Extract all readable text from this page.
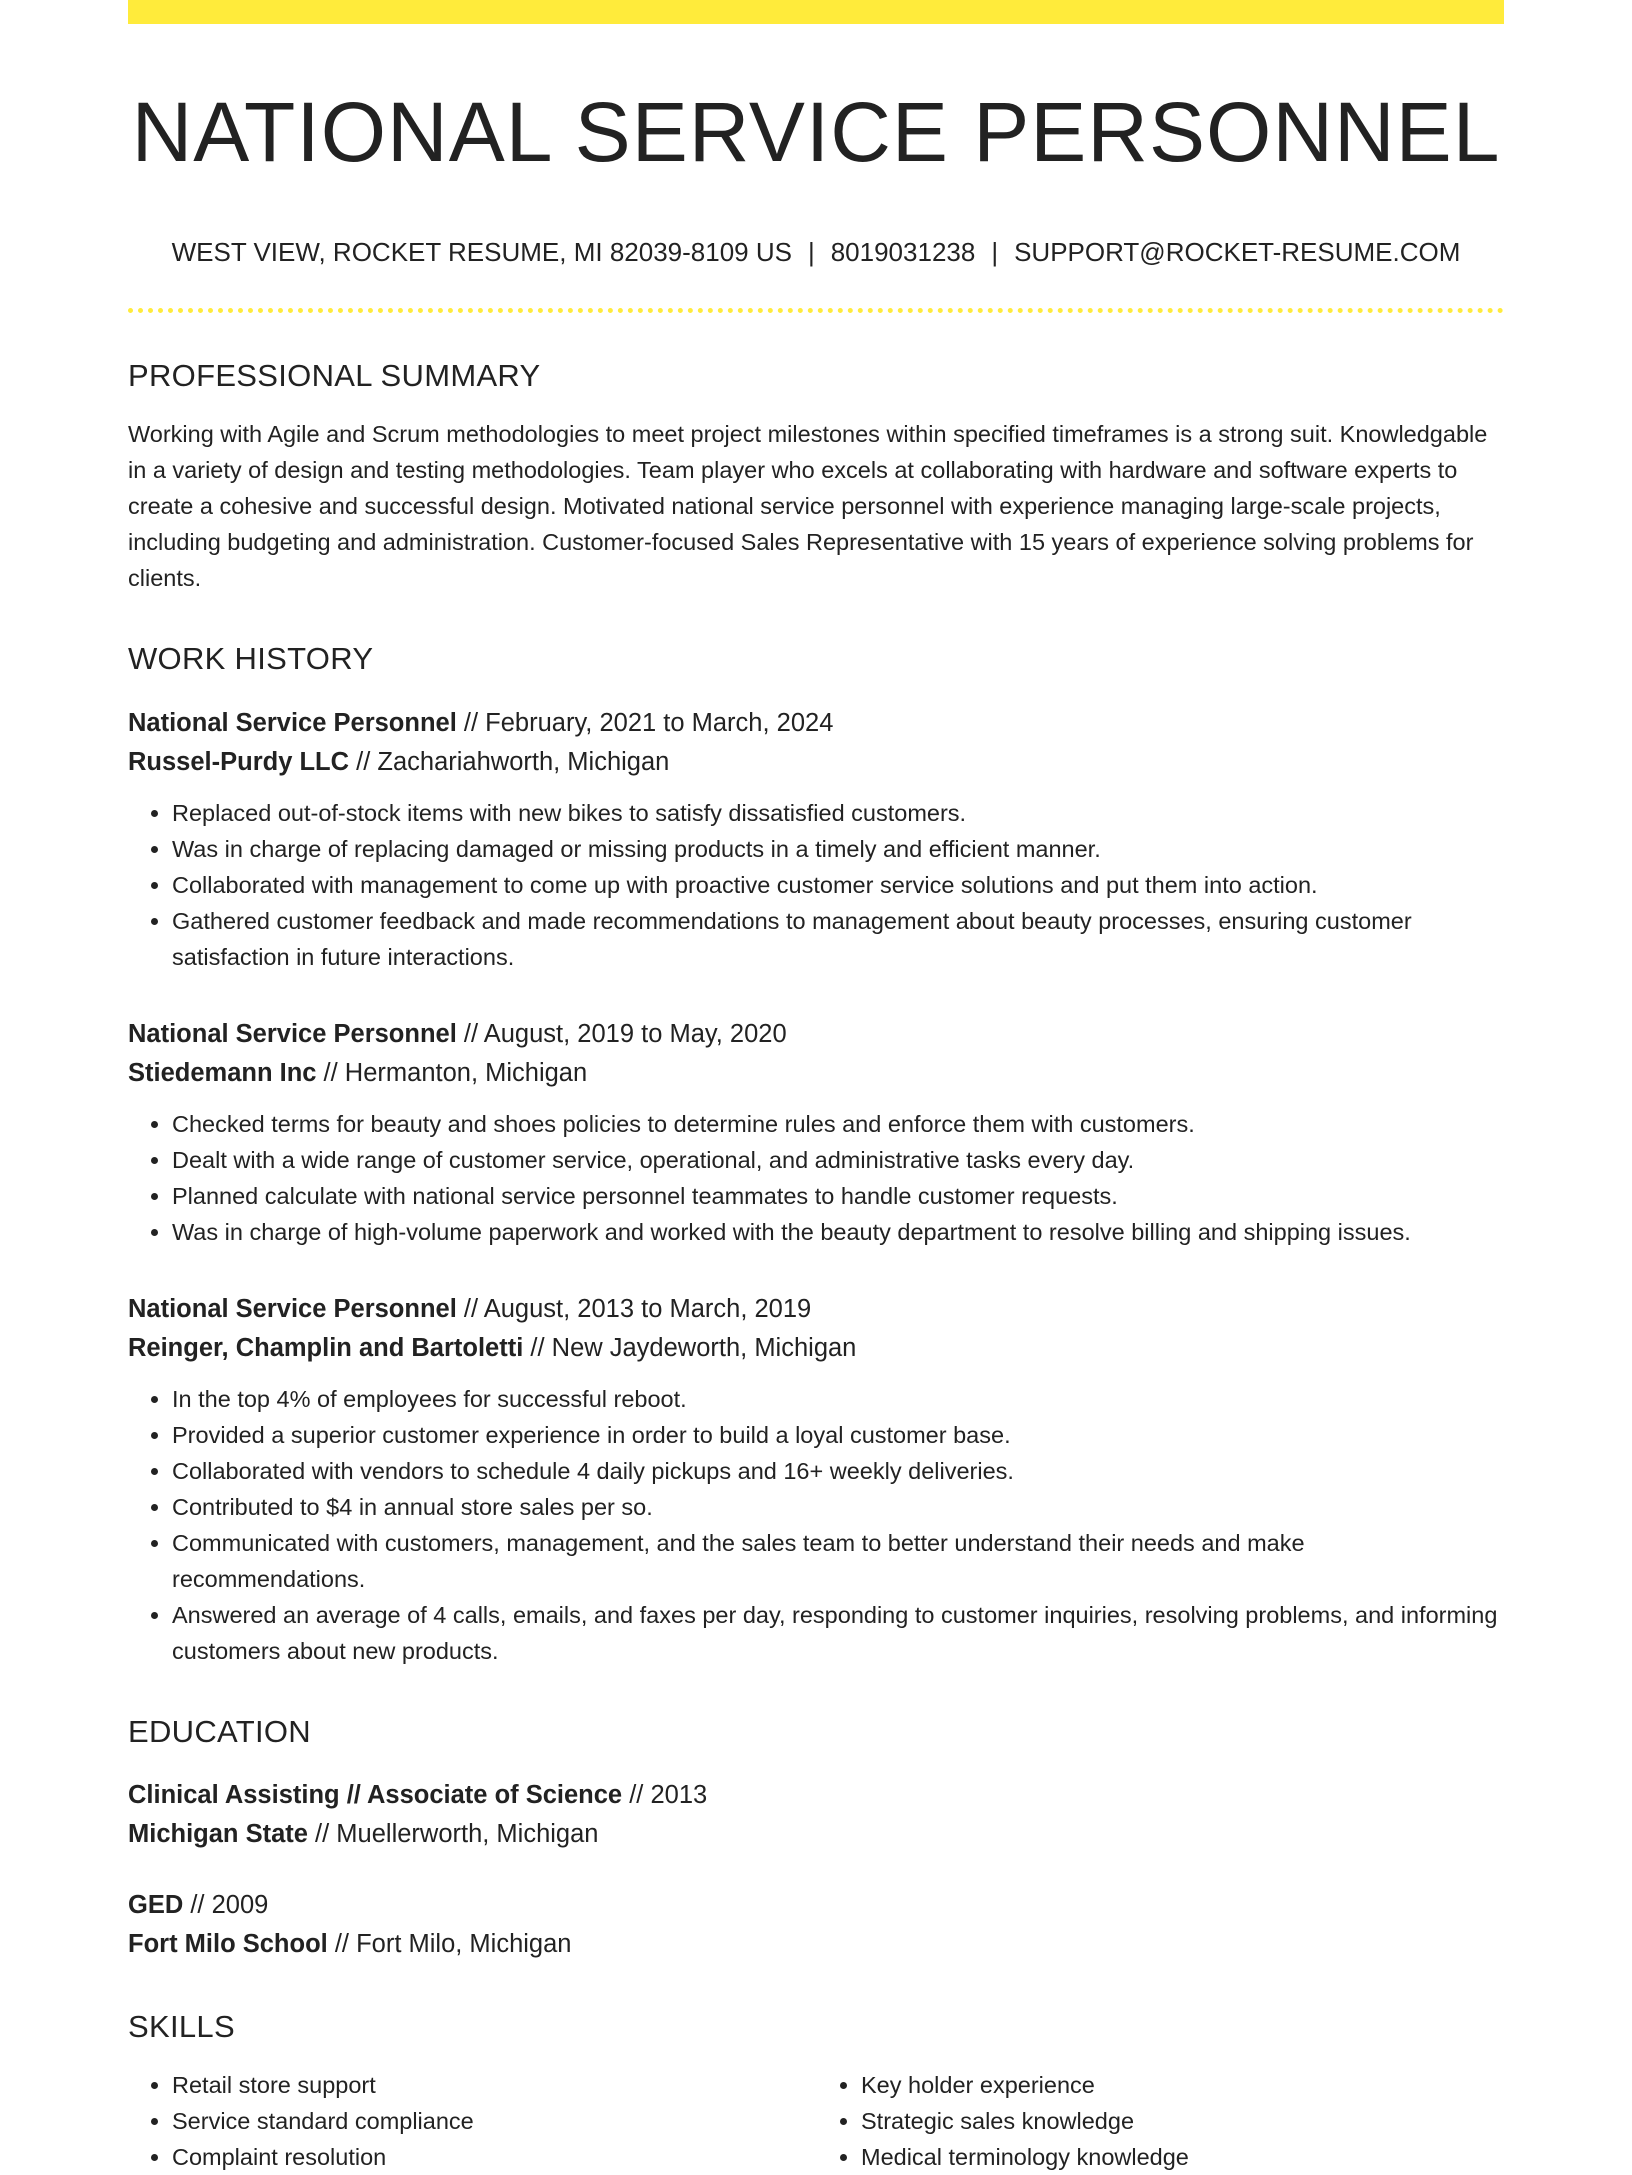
NATIONAL SERVICE PERSONNEL
WEST VIEW, ROCKET RESUME, MI 82039-8109 US | 8019031238 | SUPPORT@ROCKET-RESUME.COM
PROFESSIONAL SUMMARY

Working with Agile and Scrum methodologies to meet project milestones within specified timeframes is a strong suit. Knowledgable in a variety of design and testing methodologies. Team player who excels at collaborating with hardware and software experts to create a cohesive and successful design. Motivated national service personnel with experience managing large-scale projects, including budgeting and administration. Customer-focused Sales Representative with 15 years of experience solving problems for clients.

WORK HISTORY
National Service Personnel // February, 2021 to March, 2024
Russel-Purdy LLC // Zachariahworth, Michigan
• Replaced out-of-stock items with new bikes to satisfy dissatisfied customers.
• Was in charge of replacing damaged or missing products in a timely and efficient manner.
• Collaborated with management to come up with proactive customer service solutions and put them into action.
• Gathered customer feedback and made recommendations to management about beauty processes, ensuring customer satisfaction in future interactions.
National Service Personnel // August, 2019 to May, 2020
Stiedemann Inc // Hermanton, Michigan
• Checked terms for beauty and shoes policies to determine rules and enforce them with customers.
• Dealt with a wide range of customer service, operational, and administrative tasks every day.
• Planned calculate with national service personnel teammates to handle customer requests.
• Was in charge of high-volume paperwork and worked with the beauty department to resolve billing and shipping issues.
National Service Personnel // August, 2013 to March, 2019
Reinger, Champlin and Bartoletti // New Jaydeworth, Michigan
• In the top 4% of employees for successful reboot.
• Provided a superior customer experience in order to build a loyal customer base.
• Collaborated with vendors to schedule 4 daily pickups and 16+ weekly deliveries.
• Contributed to $4 in annual store sales per so.
• Communicated with customers, management, and the sales team to better understand their needs and make recommendations.
• Answered an average of 4 calls, emails, and faxes per day, responding to customer inquiries, resolving problems, and informing customers about new products.
EDUCATION
Clinical Assisting // Associate of Science // 2013
Michigan State // Muellerworth, Michigan
GED // 2009
Fort Milo School // Fort Milo, Michigan
SKILLS
• Retail store support
• Service standard compliance
• Complaint resolution
• Key holder experience
• Strategic sales knowledge
• Medical terminology knowledge
